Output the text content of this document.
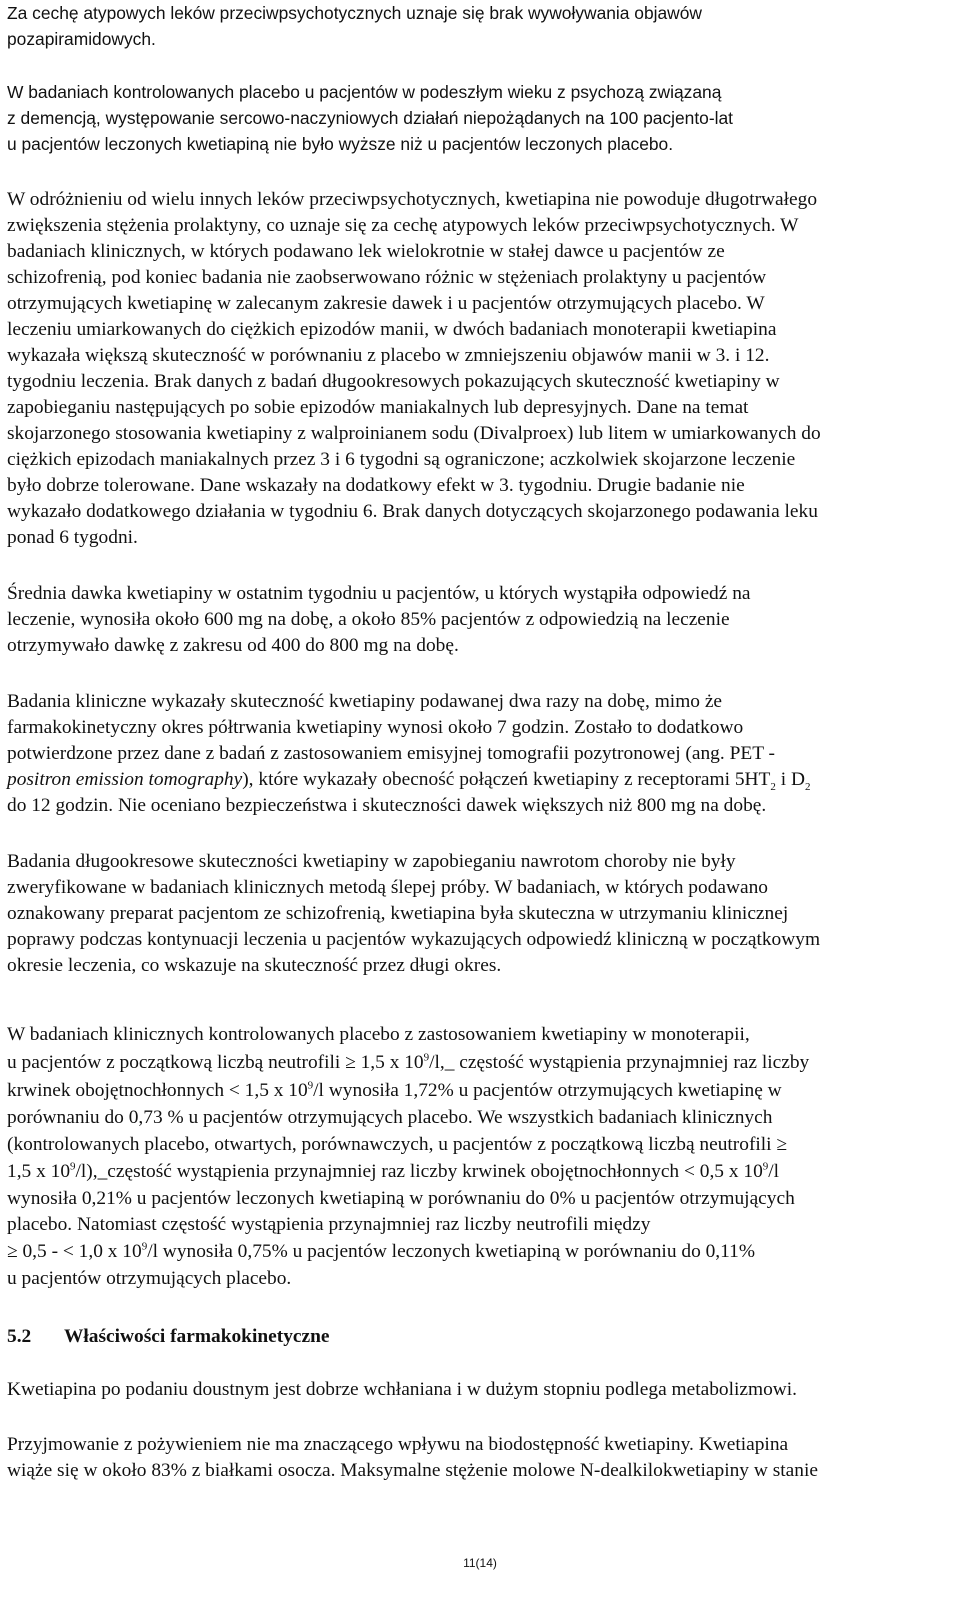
Za cechę atypowych leków przeciwpsychotycznych uznaje się brak wywoływania objawów
pozapiramidowych.
W badaniach kontrolowanych placebo u pacjentów w podeszłym wieku z psychozą związaną
z demencją, występowanie sercowo-naczyniowych działań niepożądanych na 100 pacjento-lat
u pacjentów leczonych kwetiapiną nie było wyższe niż u pacjentów leczonych placebo.
W odróżnieniu od wielu innych leków przeciwpsychotycznych, kwetiapina nie powoduje długotrwałego
zwiększenia stężenia prolaktyny, co uznaje się za cechę atypowych leków przeciwpsychotycznych. W
badaniach klinicznych, w których podawano lek wielokrotnie w stałej dawce u pacjentów ze
schizofrenią, pod koniec badania nie zaobserwowano różnic w stężeniach prolaktyny u pacjentów
otrzymujących kwetiapinę w zalecanym zakresie dawek i u pacjentów otrzymujących placebo. W
leczeniu umiarkowanych do ciężkich epizodów manii, w dwóch badaniach monoterapii kwetiapina
wykazała większą skuteczność w porównaniu z placebo w zmniejszeniu objawów manii w 3. i 12.
tygodniu leczenia. Brak danych z badań długookresowych pokazujących skuteczność kwetiapiny w
zapobieganiu następujących po sobie epizodów maniakalnych lub depresyjnych. Dane na temat
skojarzonego stosowania kwetiapiny z walproinianem sodu (Divalproex) lub litem w umiarkowanych do
ciężkich epizodach maniakalnych przez 3 i 6 tygodni są ograniczone; aczkolwiek skojarzone leczenie
było dobrze tolerowane. Dane wskazały na dodatkowy efekt w 3. tygodniu. Drugie badanie nie
wykazało dodatkowego działania w tygodniu 6. Brak danych dotyczących skojarzonego podawania leku
ponad 6 tygodni.
Średnia dawka kwetiapiny w ostatnim tygodniu u pacjentów, u których wystąpiła odpowiedź na
leczenie, wynosiła około 600 mg na dobę, a około 85% pacjentów z odpowiedzią na leczenie
otrzymywało dawkę z zakresu od 400 do 800 mg na dobę.
Badania kliniczne wykazały skuteczność kwetiapiny podawanej dwa razy na dobę, mimo że
farmakokinetyczny okres półtrwania kwetiapiny wynosi około 7 godzin. Zostało to dodatkowo
potwierdzone przez dane z badań z zastosowaniem emisyjnej tomografii pozytronowej (ang. PET -
positron emission tomography), które wykazały obecność połączeń kwetiapiny z receptorami $5HT_2$ i $D_2$
do 12 godzin. Nie oceniano bezpieczeństwa i skuteczności dawek większych niż 800 mg na dobę.
Badania długookresowe skuteczności kwetiapiny w zapobieganiu nawrotom choroby nie były
zweryfikowane w badaniach klinicznych metodą ślepej próby. W badaniach, w których podawano
oznakowany preparat pacjentom ze schizofrenią, kwetiapina była skuteczna w utrzymaniu klinicznej
poprawy podczas kontynuacji leczenia u pacjentów wykazujących odpowiedź kliniczną w początkowym
okresie leczenia, co wskazuje na skuteczność przez długi okres.
W badaniach klinicznych kontrolowanych placebo z zastosowaniem kwetiapiny w monoterapii,
u pacjentów z początkową liczbą neutrofili ≥ 1,5 x $10^9/l,\_$ częstość wystąpienia przynajmniej raz liczby
krwinek obojętnochłonnych < 1,5 x $10^9/l$ wynosiła 1,72% u pacjentów otrzymujących kwetiapinę w
porównaniu do 0,73 % u pacjentów otrzymujących placebo. We wszystkich badaniach klinicznych
(kontrolowanych placebo, otwartych, porównawczych, u pacjentów z początkową liczbą neutrofili ≥
1,5 x $10^9/l),\_częstość$ wystąpienia przynajmniej raz liczby krwinek obojętnochłonnych < 0,5 x $10^9/l$
wynosiła 0,21% u pacjentów leczonych kwetiapiną w porównaniu do 0% u pacjentów otrzymujących
placebo. Natomiast częstość wystąpienia przynajmniej raz liczby neutrofili między
≥ 0,5 - < 1,0 x $10^9/l$ wynosiła 0,75% u pacjentów leczonych kwetiapiną w porównaniu do 0,11%
u pacjentów otrzymujących placebo.
5.2 Właściwości farmakokinetyczne
Kwetiapina po podaniu doustnym jest dobrze wchłaniana i w dużym stopniu podlega metabolizmowi.
Przyjmowanie z pożywieniem nie ma znaczącego wpływu na biodostępność kwetiapiny. Kwetiapina
wiąże się w około 83% z białkami osocza. Maksymalne stężenie molowe N-dealkilokwetiapiny w stanie
11(14)
